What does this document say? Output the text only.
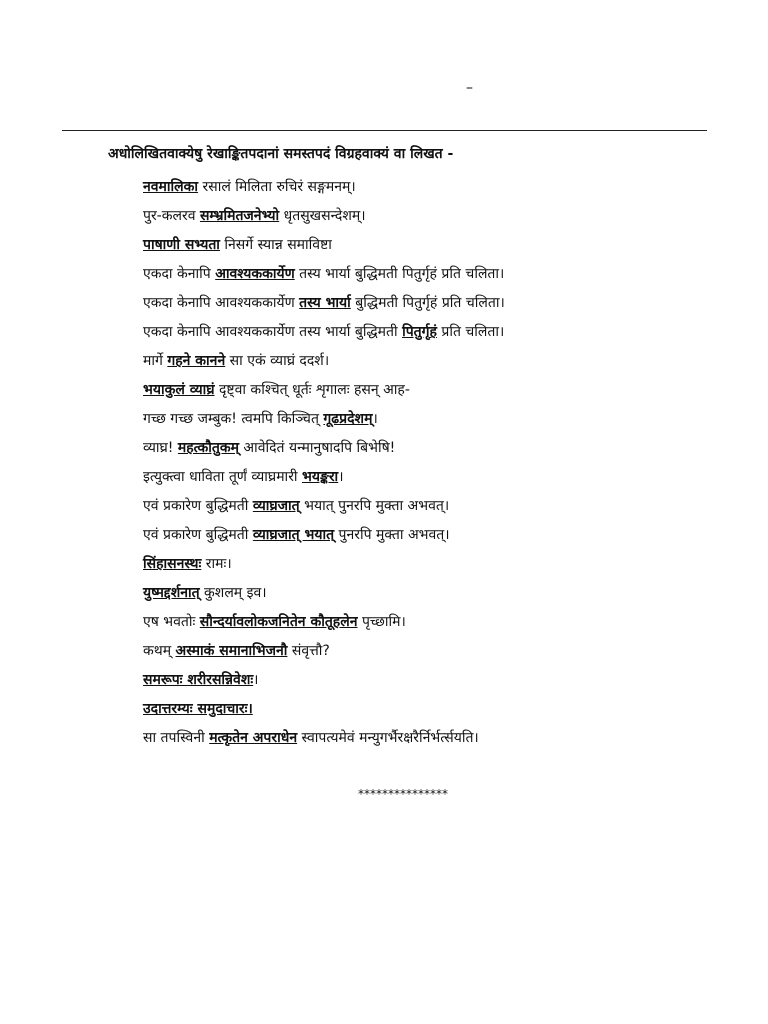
–
अधोलिखितवाक्येषु रेखाङ्कितपदानां समस्तपदं विग्रहवाक्यं वा लिखत -
नवमालिका रसालं मिलिता रुचिरं सङ्गमनम्।
पुर-कलरव सम्भ्रमितजनेभ्यो धृतसुखसन्देशम्।
पाषाणी सभ्यता निसर्गे स्यान्न समाविष्टा
एकदा केनापि आवश्यककार्येण तस्य भार्या बुद्धिमती पितुर्गृहं प्रति चलिता।
एकदा केनापि आवश्यककार्येण तस्य भार्या बुद्धिमती पितुर्गृहं प्रति चलिता।
एकदा केनापि आवश्यककार्येण तस्य भार्या बुद्धिमती पितुर्गृहं प्रति चलिता।
मार्गे गहने कानने सा एकं व्याघ्रं ददर्श।
भयाकुलं व्याघ्रं दृष्ट्वा कश्चित् धूर्तः शृगालः हसन् आह-
गच्छ गच्छ जम्बुक! त्वमपि किञ्चित् गूढप्रदेशम्।
व्याघ्र! महत्कौतुकम् आवेदितं यन्मानुषादपि बिभेषि!
इत्युक्त्वा धाविता तूर्णं व्याघ्रमारी भयङ्करा।
एवं प्रकारेण बुद्धिमती व्याघ्रजात् भयात् पुनरपि मुक्ता अभवत्।
एवं प्रकारेण बुद्धिमती व्याघ्रजात् भयात् पुनरपि मुक्ता अभवत्।
सिंहासनस्थः रामः।
युष्मद्दर्शनात् कुशलम् इव।
एष भवतोः सौन्दर्यावलोकजनितेन कौतूहलेन पृच्छामि।
कथम् अस्माकं समानाभिजनौ संवृत्तौ?
समरूपः शरीरसन्निवेशः।
उदात्तरम्यः समुदाचारः।
सा तपस्विनी मत्कृतेन अपराधेन स्वापत्यमेवं मन्युगर्भैरक्षरैर्निर्भर्त्सयति।
***************
